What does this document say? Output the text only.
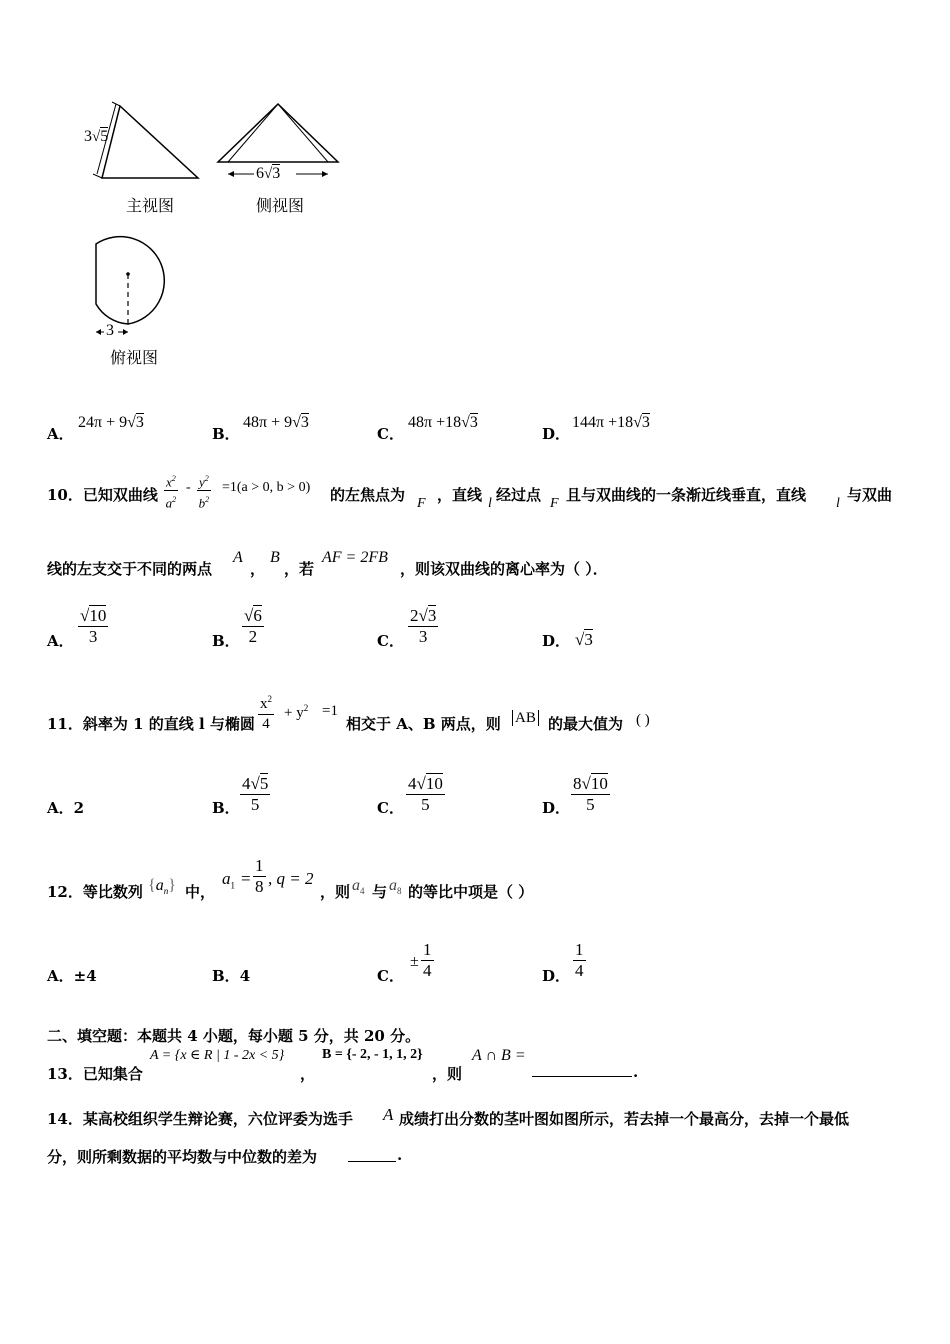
3√5
主视图
6√3
侧视图
3
俯视图
A．
24π + 9√3
B．
48π + 9√3
C．
48π +18√3
D．
144π +18√3
10．已知双曲线 $\frac{x^2}{a^2} - \frac{y^2}{b^2} =1(a > 0$, b > 0) 的左焦点为 F ，直线 l 经过点 F 且与双曲线的一条渐近线垂直，直线 l 与双曲
线的左支交于不同的两点
A
，
B
，若
AF = 2FB
，则该双曲线的离心率为（ ）．
A． $\frac{√10}{3}$	B． $\frac{√6}{2}$	C． $\frac{2√3}{3}$	D． √3
11．斜率为 1 的直线 l 与椭圆 $\frac{x^2}{4} + y^2 =1$
相交于 A、B 两点，则 AB 的最大值为 ( )
A．2	B． $\frac{4√5}{5}$	C． $\frac{4√10}{5}$	D． $\frac{8√10}{5}$
12．等比数列 $\{a_n\}$ 中，
$a_1 = \frac{1}{8}$ , q = 2
，则 $a_4$ 与 $a_8$ 的等比中项是（ ）
A．±4	B．4	C．
± $\frac{1}{4}$	D． $\frac{1}{4}$
二、填空题：本题共 4 小题，每小题 5 分，共 20 分。
13．已知集合
A = {x ∈ R | 1 - 2x < 5}
，
B = {- 2, - 1, 1, 2}
，则
A ∩ B =
.
14．某高校组织学生辩论赛，六位评委为选手 A 成绩打出分数的茎叶图如图所示，若去掉一个最高分，去掉一个最低
分，则所剩数据的平均数与中位数的差为	.
